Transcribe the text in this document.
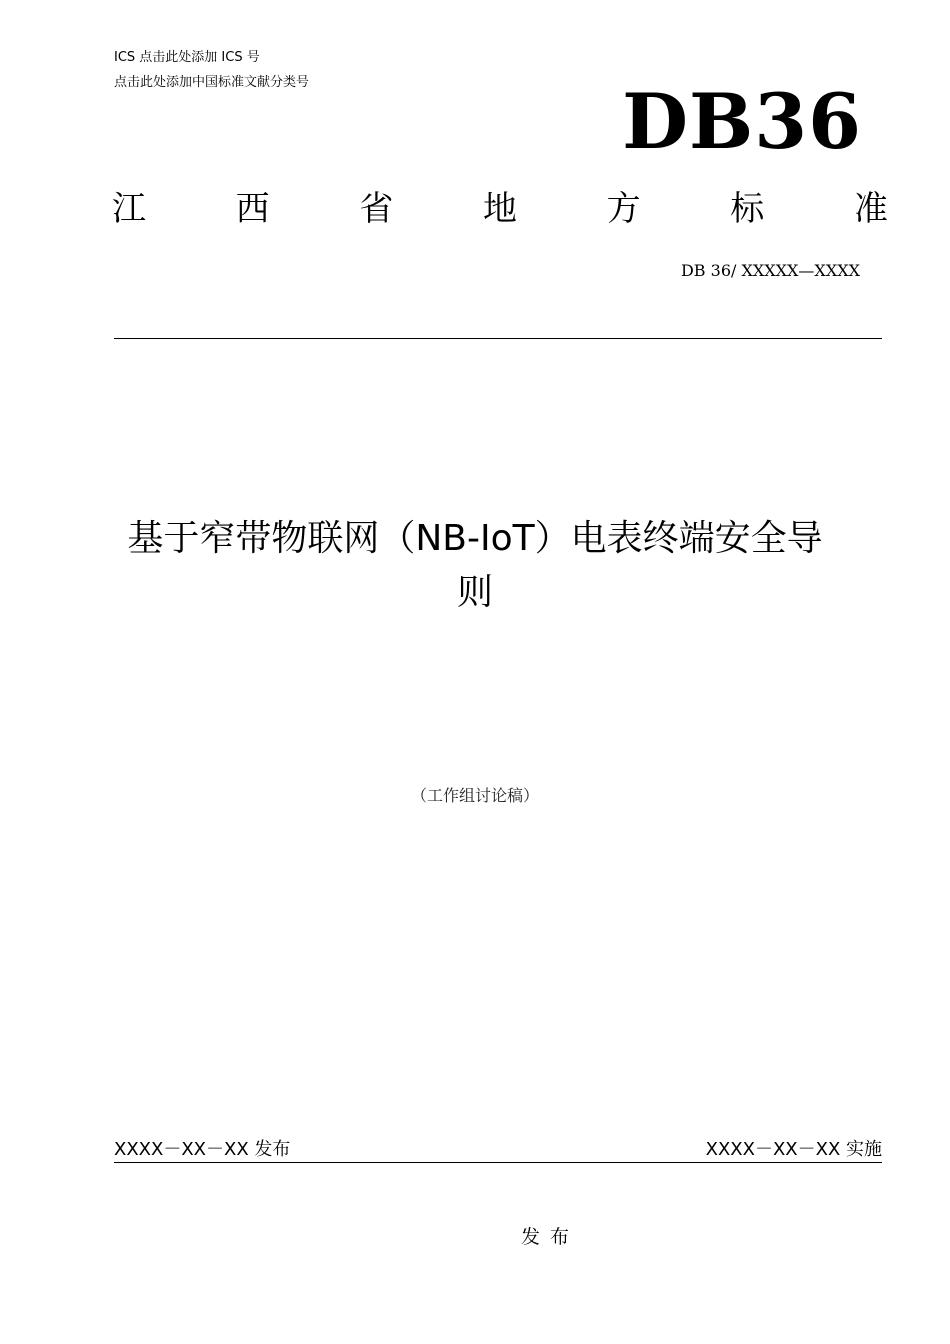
ICS 点击此处添加 ICS 号
点击此处添加中国标准文献分类号	DB36
江	西	省	地	方	标	准
DB 36/ XXXXX—XXXX
基于窄带物联网（NB-IoT）电表终端安全导
则
（工作组讨论稿）
XXXX－XX－XX 发布	XXXX－XX－XX 实施
发布
